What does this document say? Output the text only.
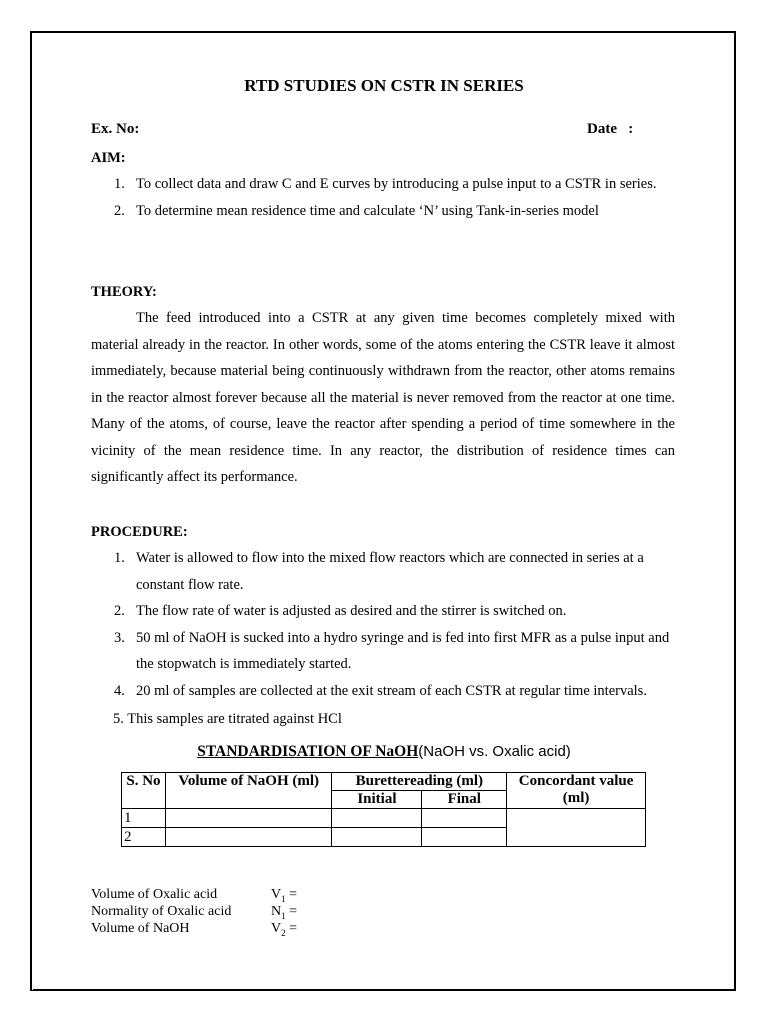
RTD STUDIES ON CSTR IN SERIES
Ex. No:	Date   :
AIM:
1. To collect data and draw C and E curves by introducing a pulse input to a CSTR in series.
2. To determine mean residence time and calculate ‘N’ using Tank-in-series model
THEORY:
The feed introduced into a CSTR at any given time becomes completely mixed with material already in the reactor. In other words, some of the atoms entering the CSTR leave it almost immediately, because material being continuously withdrawn from the reactor, other atoms remains in the reactor almost forever because all the material is never removed from the reactor at one time. Many of the atoms, of course, leave the reactor after spending a period of time somewhere in the vicinity of the mean residence time. In any reactor, the distribution of residence times can significantly affect its performance.
PROCEDURE:
1. Water is allowed to flow into the mixed flow reactors which are connected in series at a constant flow rate.
2. The flow rate of water is adjusted as desired and the stirrer is switched on.
3. 50 ml of NaOH is sucked into a hydro syringe and is fed into first MFR as a pulse input and the stopwatch is immediately started.
4. 20 ml of samples are collected at the exit stream of each CSTR at regular time intervals.
5. This samples are titrated against HCl
STANDARDISATION OF NaOH(NaOH vs. Oxalic acid)
S. No	Volume of NaOH (ml)	Burettereading (ml)		Concordant value (ml)
		Initial	Final	
1				
2				
Volume of Oxalic acid	$V_1$ =
Normality of Oxalic acid	$N_1$ =
Volume of NaOH	$V_2$ =
